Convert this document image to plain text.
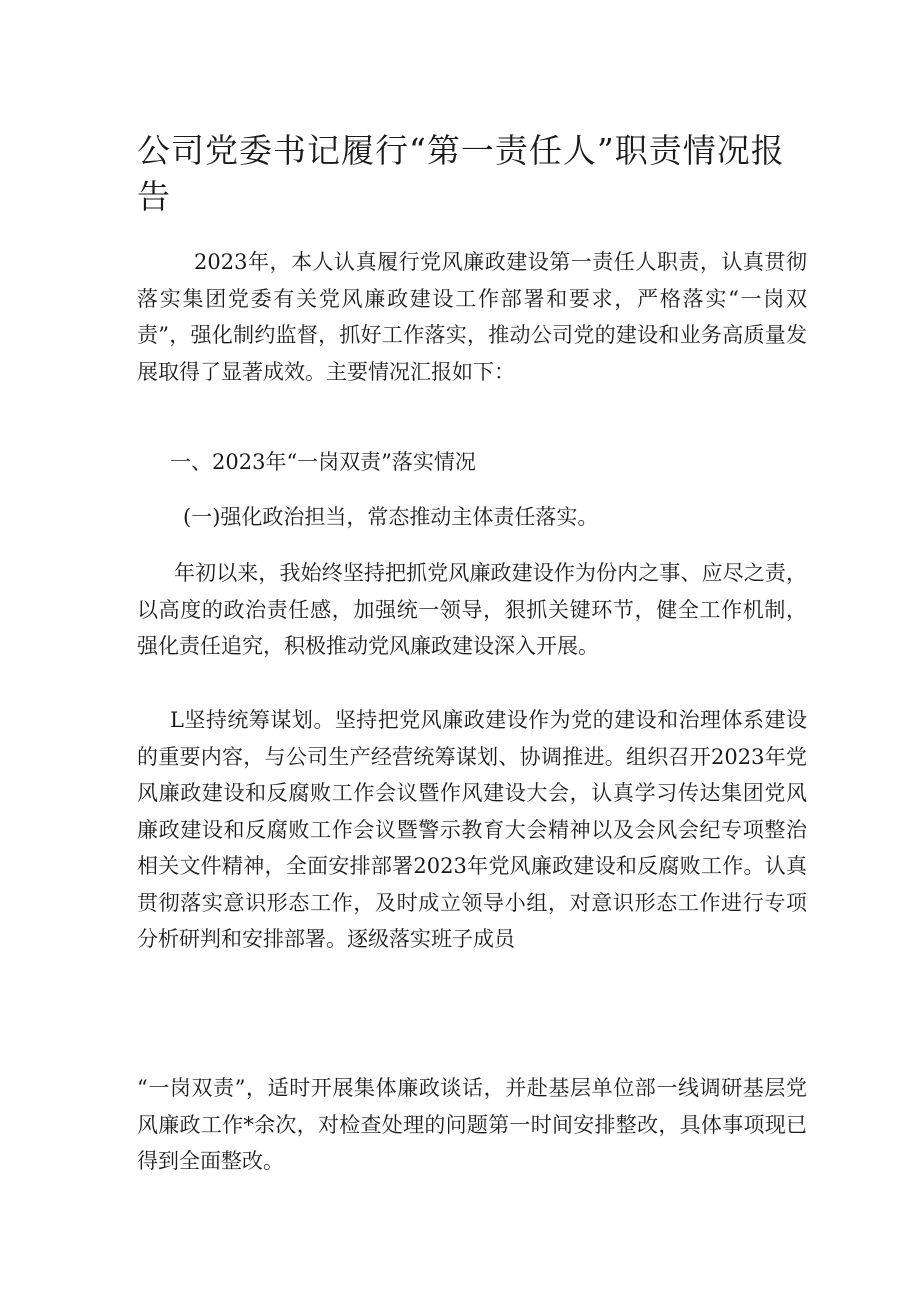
公司党委书记履行“第一责任人”职责情况报告

2023年，本人认真履行党风廉政建设第一责任人职责，认真贯彻落实集团党委有关党风廉政建设工作部署和要求，严格落实“一岗双责”，强化制约监督，抓好工作落实，推动公司党的建设和业务高质量发展取得了显著成效。主要情况汇报如下：

一、2023年“一岗双责”落实情况

(一)强化政治担当，常态推动主体责任落实。

年初以来，我始终坚持把抓党风廉政建设作为份内之事、应尽之责，以高度的政治责任感，加强统一领导，狠抓关键环节，健全工作机制，强化责任追究，积极推动党风廉政建设深入开展。

L坚持统筹谋划。坚持把党风廉政建设作为党的建设和治理体系建设的重要内容，与公司生产经营统筹谋划、协调推进。组织召开2023年党风廉政建设和反腐败工作会议暨作风建设大会，认真学习传达集团党风廉政建设和反腐败工作会议暨警示教育大会精神以及会风会纪专项整治相关文件精神，全面安排部署2023年党风廉政建设和反腐败工作。认真贯彻落实意识形态工作，及时成立领导小组，对意识形态工作进行专项分析研判和安排部署。逐级落实班子成员

“一岗双责”，适时开展集体廉政谈话，并赴基层单位部一线调研基层党风廉政工作*余次，对检查处理的问题第一时间安排整改，具体事项现已得到全面整改。
